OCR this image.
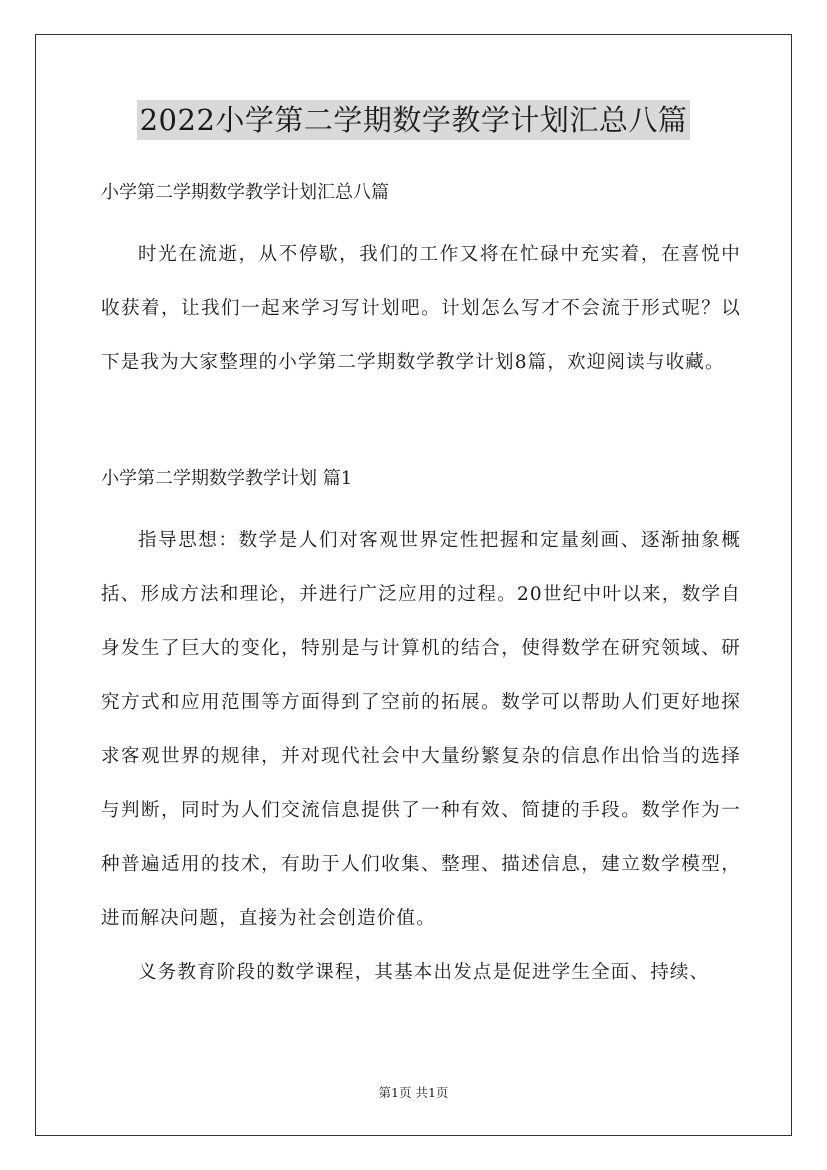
2022小学第二学期数学教学计划汇总八篇

小学第二学期数学教学计划汇总八篇

时光在流逝，从不停歇，我们的工作又将在忙碌中充实着，在喜悦中收获着，让我们一起来学习写计划吧。计划怎么写才不会流于形式呢？以下是我为大家整理的小学第二学期数学教学计划8篇，欢迎阅读与收藏。

小学第二学期数学教学计划 篇1

指导思想：数学是人们对客观世界定性把握和定量刻画、逐渐抽象概括、形成方法和理论，并进行广泛应用的过程。20世纪中叶以来，数学自身发生了巨大的变化，特别是与计算机的结合，使得数学在研究领域、研究方式和应用范围等方面得到了空前的拓展。数学可以帮助人们更好地探求客观世界的规律，并对现代社会中大量纷繁复杂的信息作出恰当的选择与判断，同时为人们交流信息提供了一种有效、简捷的手段。数学作为一种普遍适用的技术，有助于人们收集、整理、描述信息，建立数学模型，进而解决问题，直接为社会创造价值。

义务教育阶段的数学课程，其基本出发点是促进学生全面、持续、

第1页 共1页
